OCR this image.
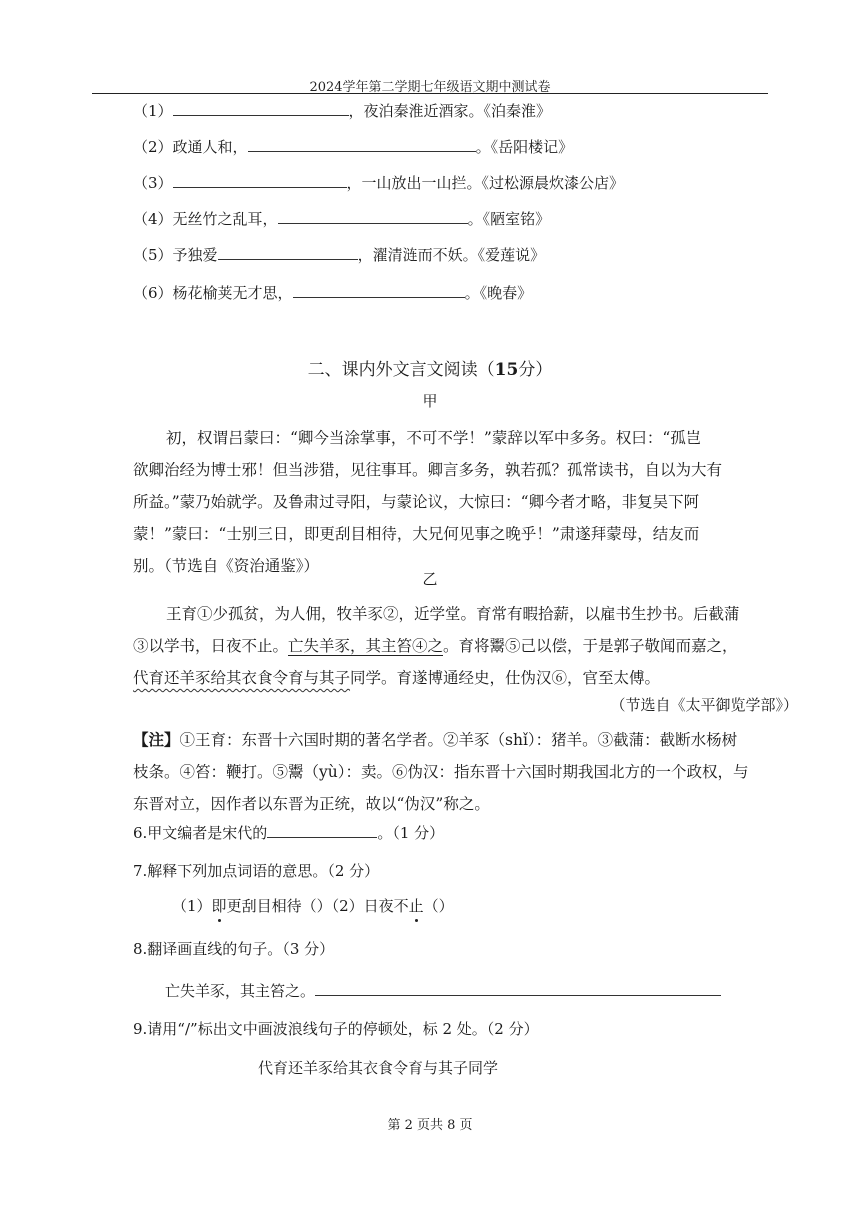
2024学年第二学期七年级语文期中测试卷
（1）	，夜泊秦淮近酒家。《泊秦淮》
（2）政通人和，	。《岳阳楼记》
（3）	，一山放出一山拦。《过松源晨炊漆公店》
（4）无丝竹之乱耳，	。《陋室铭》
（5）予独爱	，濯清涟而不妖。《爱莲说》
（6）杨花榆荚无才思，	。《晚春》
二、课内外文言文阅读（15分）
甲

初，权谓吕蒙曰：“卿今当涂掌事，不可不学！”蒙辞以军中多务。权曰：“孤岂

欲卿治经为博士邪！但当涉猎，见往事耳。卿言多务，孰若孤？孤常读书，自以为大有

所益。”蒙乃始就学。及鲁肃过寻阳，与蒙论议，大惊曰：“卿今者才略，非复吴下阿

蒙！”蒙曰：“士别三日，即更刮目相待，大兄何见事之晚乎！”肃遂拜蒙母，结友而

别。（节选自《资治通鉴》）

乙

王育①少孤贫，为人佣，牧羊豕②，近学堂。育常有暇拾薪，以雇书生抄书。后截蒲

③以学书，日夜不止。亡失羊豕，其主笞④之。育将鬻⑤己以偿，于是郭子敬闻而嘉之，

代育还羊豕给其衣食令育与其子同学。育遂博通经史，仕伪汉⑥，官至太傅。

（节选自《太平御览学部》）

【注】①王育：东晋十六国时期的著名学者。②羊豕（shǐ）：猪羊。③截蒲：截断水杨树

枝条。④笞：鞭打。⑤鬻（yù）：卖。⑥伪汉：指东晋十六国时期我国北方的一个政权，与

东晋对立，因作者以东晋为正统，故以“伪汉”称之。

6.甲文编者是宋代的	。（1 分）
7.解释下列加点词语的意思。（2 分）
（1）即更刮目相待（）（2）日夜不止（）
8.翻译画直线的句子。（3 分）
亡失羊豕，其主笞之。
9.请用“/”标出文中画波浪线句子的停顿处，标 2 处。（2 分）
代育还羊豕给其衣食令育与其子同学
第 2 页共 8 页
